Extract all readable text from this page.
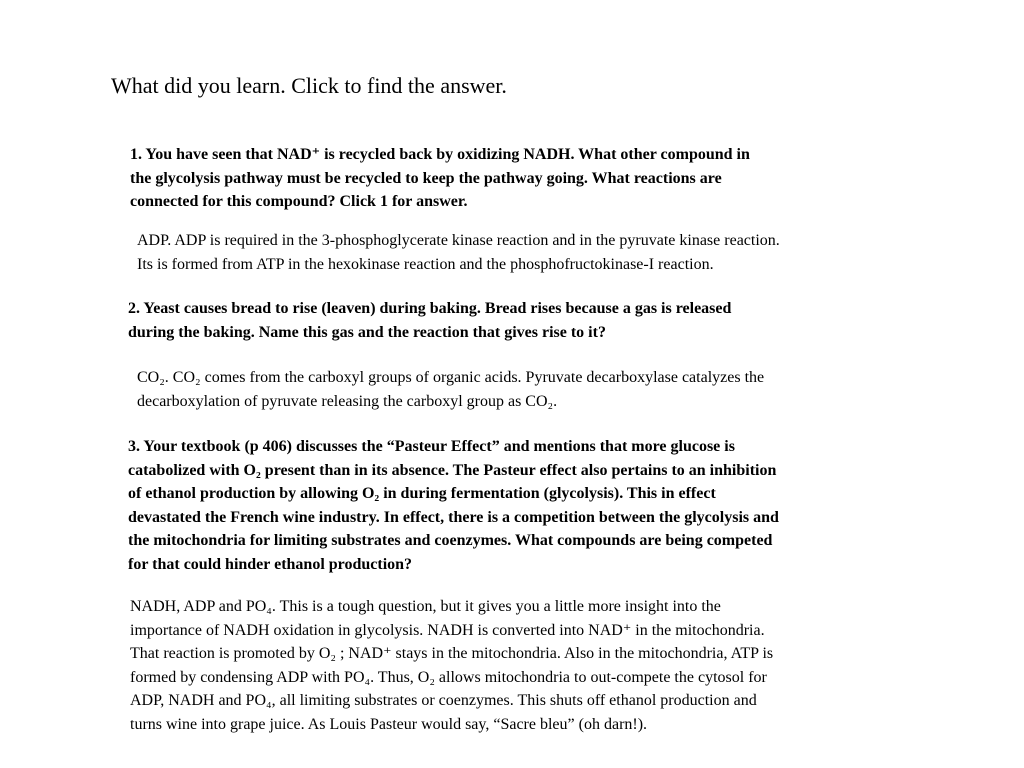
What did you learn. Click to find the answer.
1. You have seen that NAD⁺ is recycled back by oxidizing NADH. What other compound in
the glycolysis pathway must be recycled to keep the pathway going. What reactions are
connected for this compound? Click 1 for answer.
ADP. ADP is required in the 3-phosphoglycerate kinase reaction and in the pyruvate kinase reaction.
Its is formed from ATP in the hexokinase reaction and the phosphofructokinase-I reaction.
2. Yeast causes bread to rise (leaven) during baking. Bread rises because a gas is released
during the baking. Name this gas and the reaction that gives rise to it?
CO₂. CO₂ comes from the carboxyl groups of organic acids. Pyruvate decarboxylase catalyzes the
decarboxylation of pyruvate releasing the carboxyl group as CO₂.
3. Your textbook (p 406) discusses the “Pasteur Effect” and mentions that more glucose is
catabolized with O₂ present than in its absence. The Pasteur effect also pertains to an inhibition
of ethanol production by allowing O₂ in during fermentation (glycolysis). This in effect
devastated the French wine industry. In effect, there is a competition between the glycolysis and
the mitochondria for limiting substrates and coenzymes. What compounds are being competed
for that could hinder ethanol production?
NADH, ADP and PO₄. This is a tough question, but it gives you a little more insight into the
importance of NADH oxidation in glycolysis. NADH is converted into NAD⁺ in the mitochondria.
That reaction is promoted by O₂ ; NAD⁺ stays in the mitochondria. Also in the mitochondria, ATP is
formed by condensing ADP with PO₄. Thus, O₂ allows mitochondria to out-compete the cytosol for
ADP, NADH and PO₄, all limiting substrates or coenzymes. This shuts off ethanol production and
turns wine into grape juice. As Louis Pasteur would say, “Sacre bleu” (oh darn!).
